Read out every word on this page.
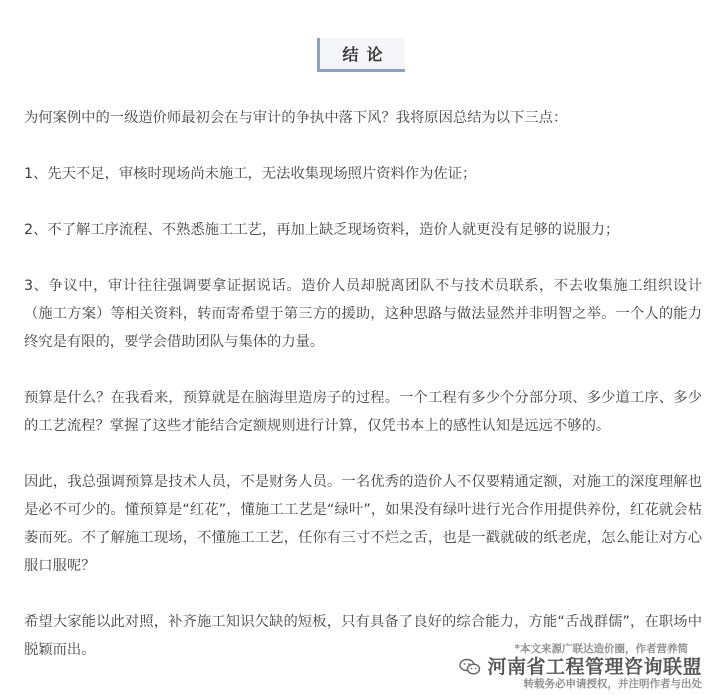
结论

为何案例中的一级造价师最初会在与审计的争执中落下风？我将原因总结为以下三点：

1、先天不足，审核时现场尚未施工，无法收集现场照片资料作为佐证；

2、不了解工序流程、不熟悉施工工艺，再加上缺乏现场资料，造价人就更没有足够的说服力；

3、争议中，审计往往强调要拿证据说话。造价人员却脱离团队不与技术员联系，不去收集施工组织设计（施工方案）等相关资料，转而寄希望于第三方的援助，这种思路与做法显然并非明智之举。一个人的能力终究是有限的，要学会借助团队与集体的力量。

预算是什么？在我看来，预算就是在脑海里造房子的过程。一个工程有多少个分部分项、多少道工序、多少的工艺流程？掌握了这些才能结合定额规则进行计算，仅凭书本上的感性认知是远远不够的。

因此，我总强调预算是技术人员，不是财务人员。一名优秀的造价人不仅要精通定额，对施工的深度理解也是必不可少的。懂预算是“红花”，懂施工工艺是“绿叶”，如果没有绿叶进行光合作用提供养份，红花就会枯萎而死。不了解施工现场，不懂施工工艺，任你有三寸不烂之舌，也是一戳就破的纸老虎，怎么能让对方心服口服呢？

希望大家能以此对照，补齐施工知识欠缺的短板，只有具备了良好的综合能力，方能“舌战群儒”，在职场中脱颖而出。	*本文来源广联达造价圈，作者营养简
河南省工程管理咨询联盟
转载务必申请授权，并注明作者与出处
